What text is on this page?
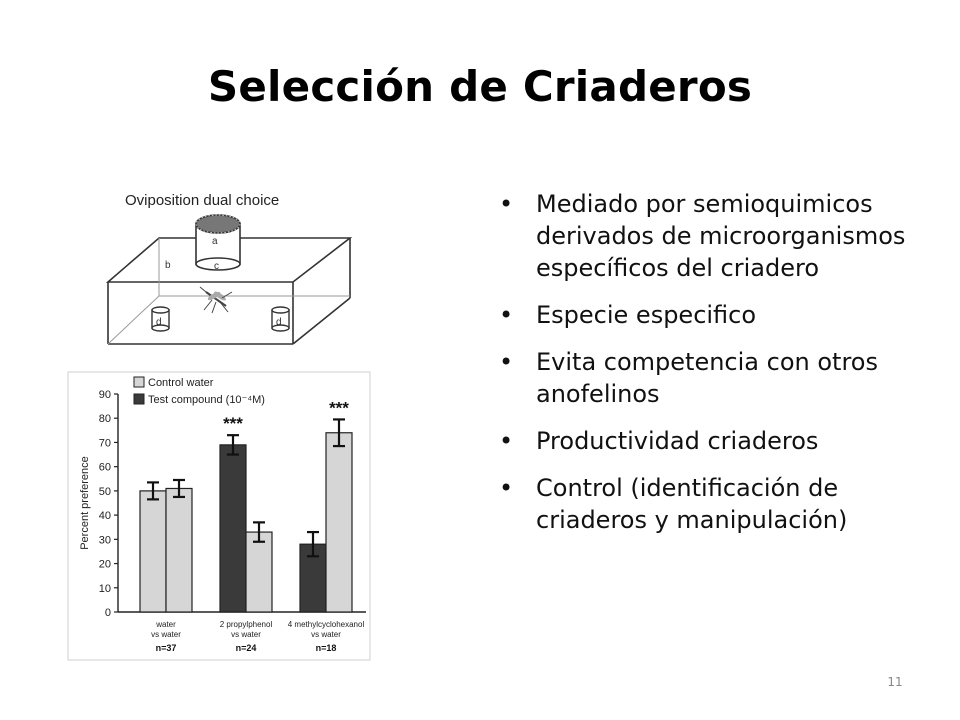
Selección de Criaderos
Oviposition dual choice
a
c
b
d	d
0
10
20
30
40
50
60
70
80
90
Percent preference
Control water
Test compound (10⁻⁴M)
water
vs water
n=37
***
2 propylphenol
vs water
n=24
***
4 methylcyclohexanol
vs water
n=18
• Mediado por semioquimicos derivados de microorganismos específicos del criadero
• Especie especifico
• Evita competencia con otros anofelinos
• Productividad criaderos
• Control (identificación de criaderos y manipulación)
11
